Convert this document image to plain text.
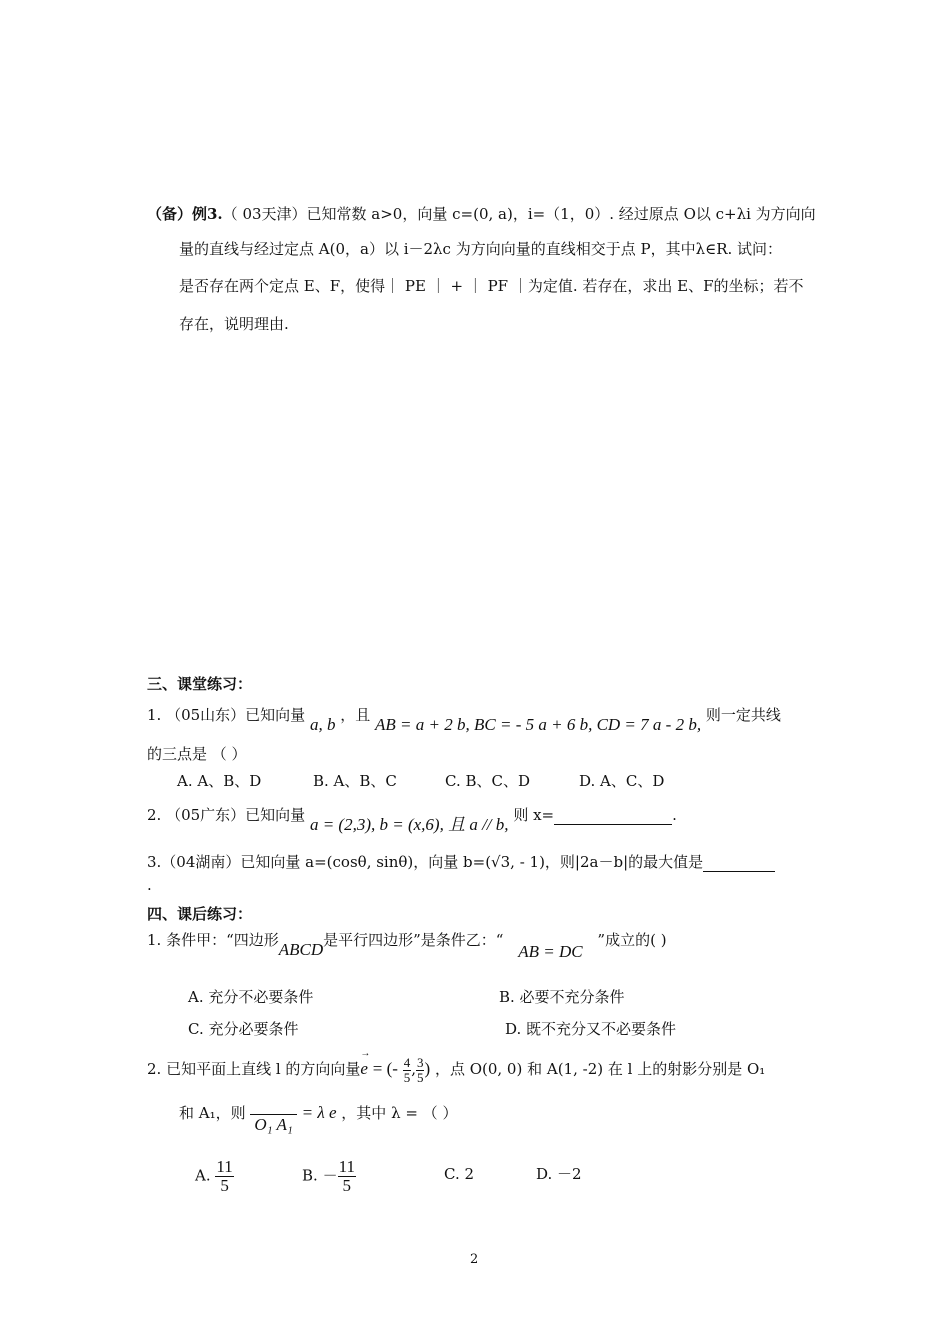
（备）例3.（ 03天津）已知常数 a>0，向量 c=(0, a)，i=（1，0）. 经过原点 O以 c+λi 为方向向
量的直线与经过定点 A(0，a）以 i－2λc 为方向向量的直线相交于点 P，其中λ∈R. 试问：
是否存在两个定点 E、F，使得｜ PE ｜ + ｜ PF ｜为定值. 若存在，求出 E、F的坐标；若不
存在，说明理由.
三、课堂练习：
1. （05山东）已知向量 a, b ，且 AB = a + 2 b, BC = - 5 a + 6 b, CD = 7 a - 2 b, 则一定共线
的三点是 （ ）
A. A、B、D	B. A、B、C	C. B、C、D	D. A、C、D
2. （05广东）已知向量 a = (2,3), b = (x,6), 且 a // b, 则 x=	.
3.（04湖南）已知向量 a=(cosθ, sinθ)，向量 b=(√3, - 1)，则|2a－b|的最大值是
.
四、课后练习：
1. 条件甲：“四边形ABCD是平行四边形”是条件乙：“ AB = DC ”成立的( )
A. 充分不必要条件	B. 必要不充分条件
C. 充分必要条件	D. 既不充分又不必要条件
2. 已知平面上直线 l 的方向向量→ e = (- $\frac{4}{5}$ , $\frac{3}{5}$ ) ，点 O(0, 0) 和 A(1, -2) 在 l 上的射影分别是 O₁
和 A₁，则 O₁ A₁ = λ e ，其中 λ = （ ）
A. $\frac{11}{5}$	B. － $\frac{11}{5}$	C. 2	D. －2
2
